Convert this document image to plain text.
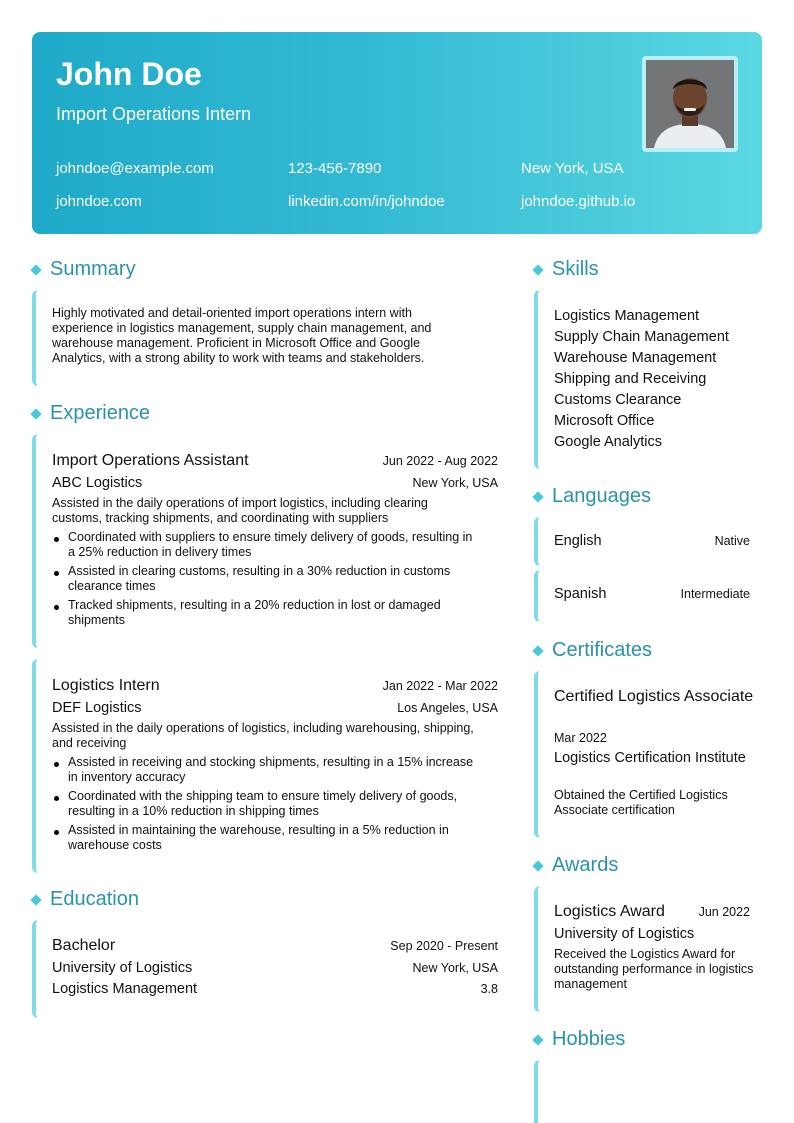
John Doe
Import Operations Intern
johndoe@example.com	123-456-7890	New York, USA
johndoe.com	linkedin.com/in/johndoe	johndoe.github.io
Summary
Highly motivated and detail-oriented import operations intern with experience in logistics management, supply chain management, and warehouse management. Proficient in Microsoft Office and Google Analytics, with a strong ability to work with teams and stakeholders.
Experience
Import Operations Assistant	Jun 2022 - Aug 2022
ABC Logistics	New York, USA
Assisted in the daily operations of import logistics, including clearing customs, tracking shipments, and coordinating with suppliers
Coordinated with suppliers to ensure timely delivery of goods, resulting in a 25% reduction in delivery times
Assisted in clearing customs, resulting in a 30% reduction in customs clearance times
Tracked shipments, resulting in a 20% reduction in lost or damaged shipments
Logistics Intern	Jan 2022 - Mar 2022
DEF Logistics	Los Angeles, USA
Assisted in the daily operations of logistics, including warehousing, shipping, and receiving
Assisted in receiving and stocking shipments, resulting in a 15% increase in inventory accuracy
Coordinated with the shipping team to ensure timely delivery of goods, resulting in a 10% reduction in shipping times
Assisted in maintaining the warehouse, resulting in a 5% reduction in warehouse costs
Education
Bachelor	Sep 2020 - Present
University of Logistics	New York, USA
Logistics Management	3.8
Skills
Logistics Management
Supply Chain Management
Warehouse Management
Shipping and Receiving
Customs Clearance
Microsoft Office
Google Analytics
Languages
English	Native
Spanish	Intermediate
Certificates
Certified Logistics Associate
Mar 2022
Logistics Certification Institute
Obtained the Certified Logistics Associate certification
Awards
Logistics Award	Jun 2022
University of Logistics
Received the Logistics Award for outstanding performance in logistics management
Hobbies
